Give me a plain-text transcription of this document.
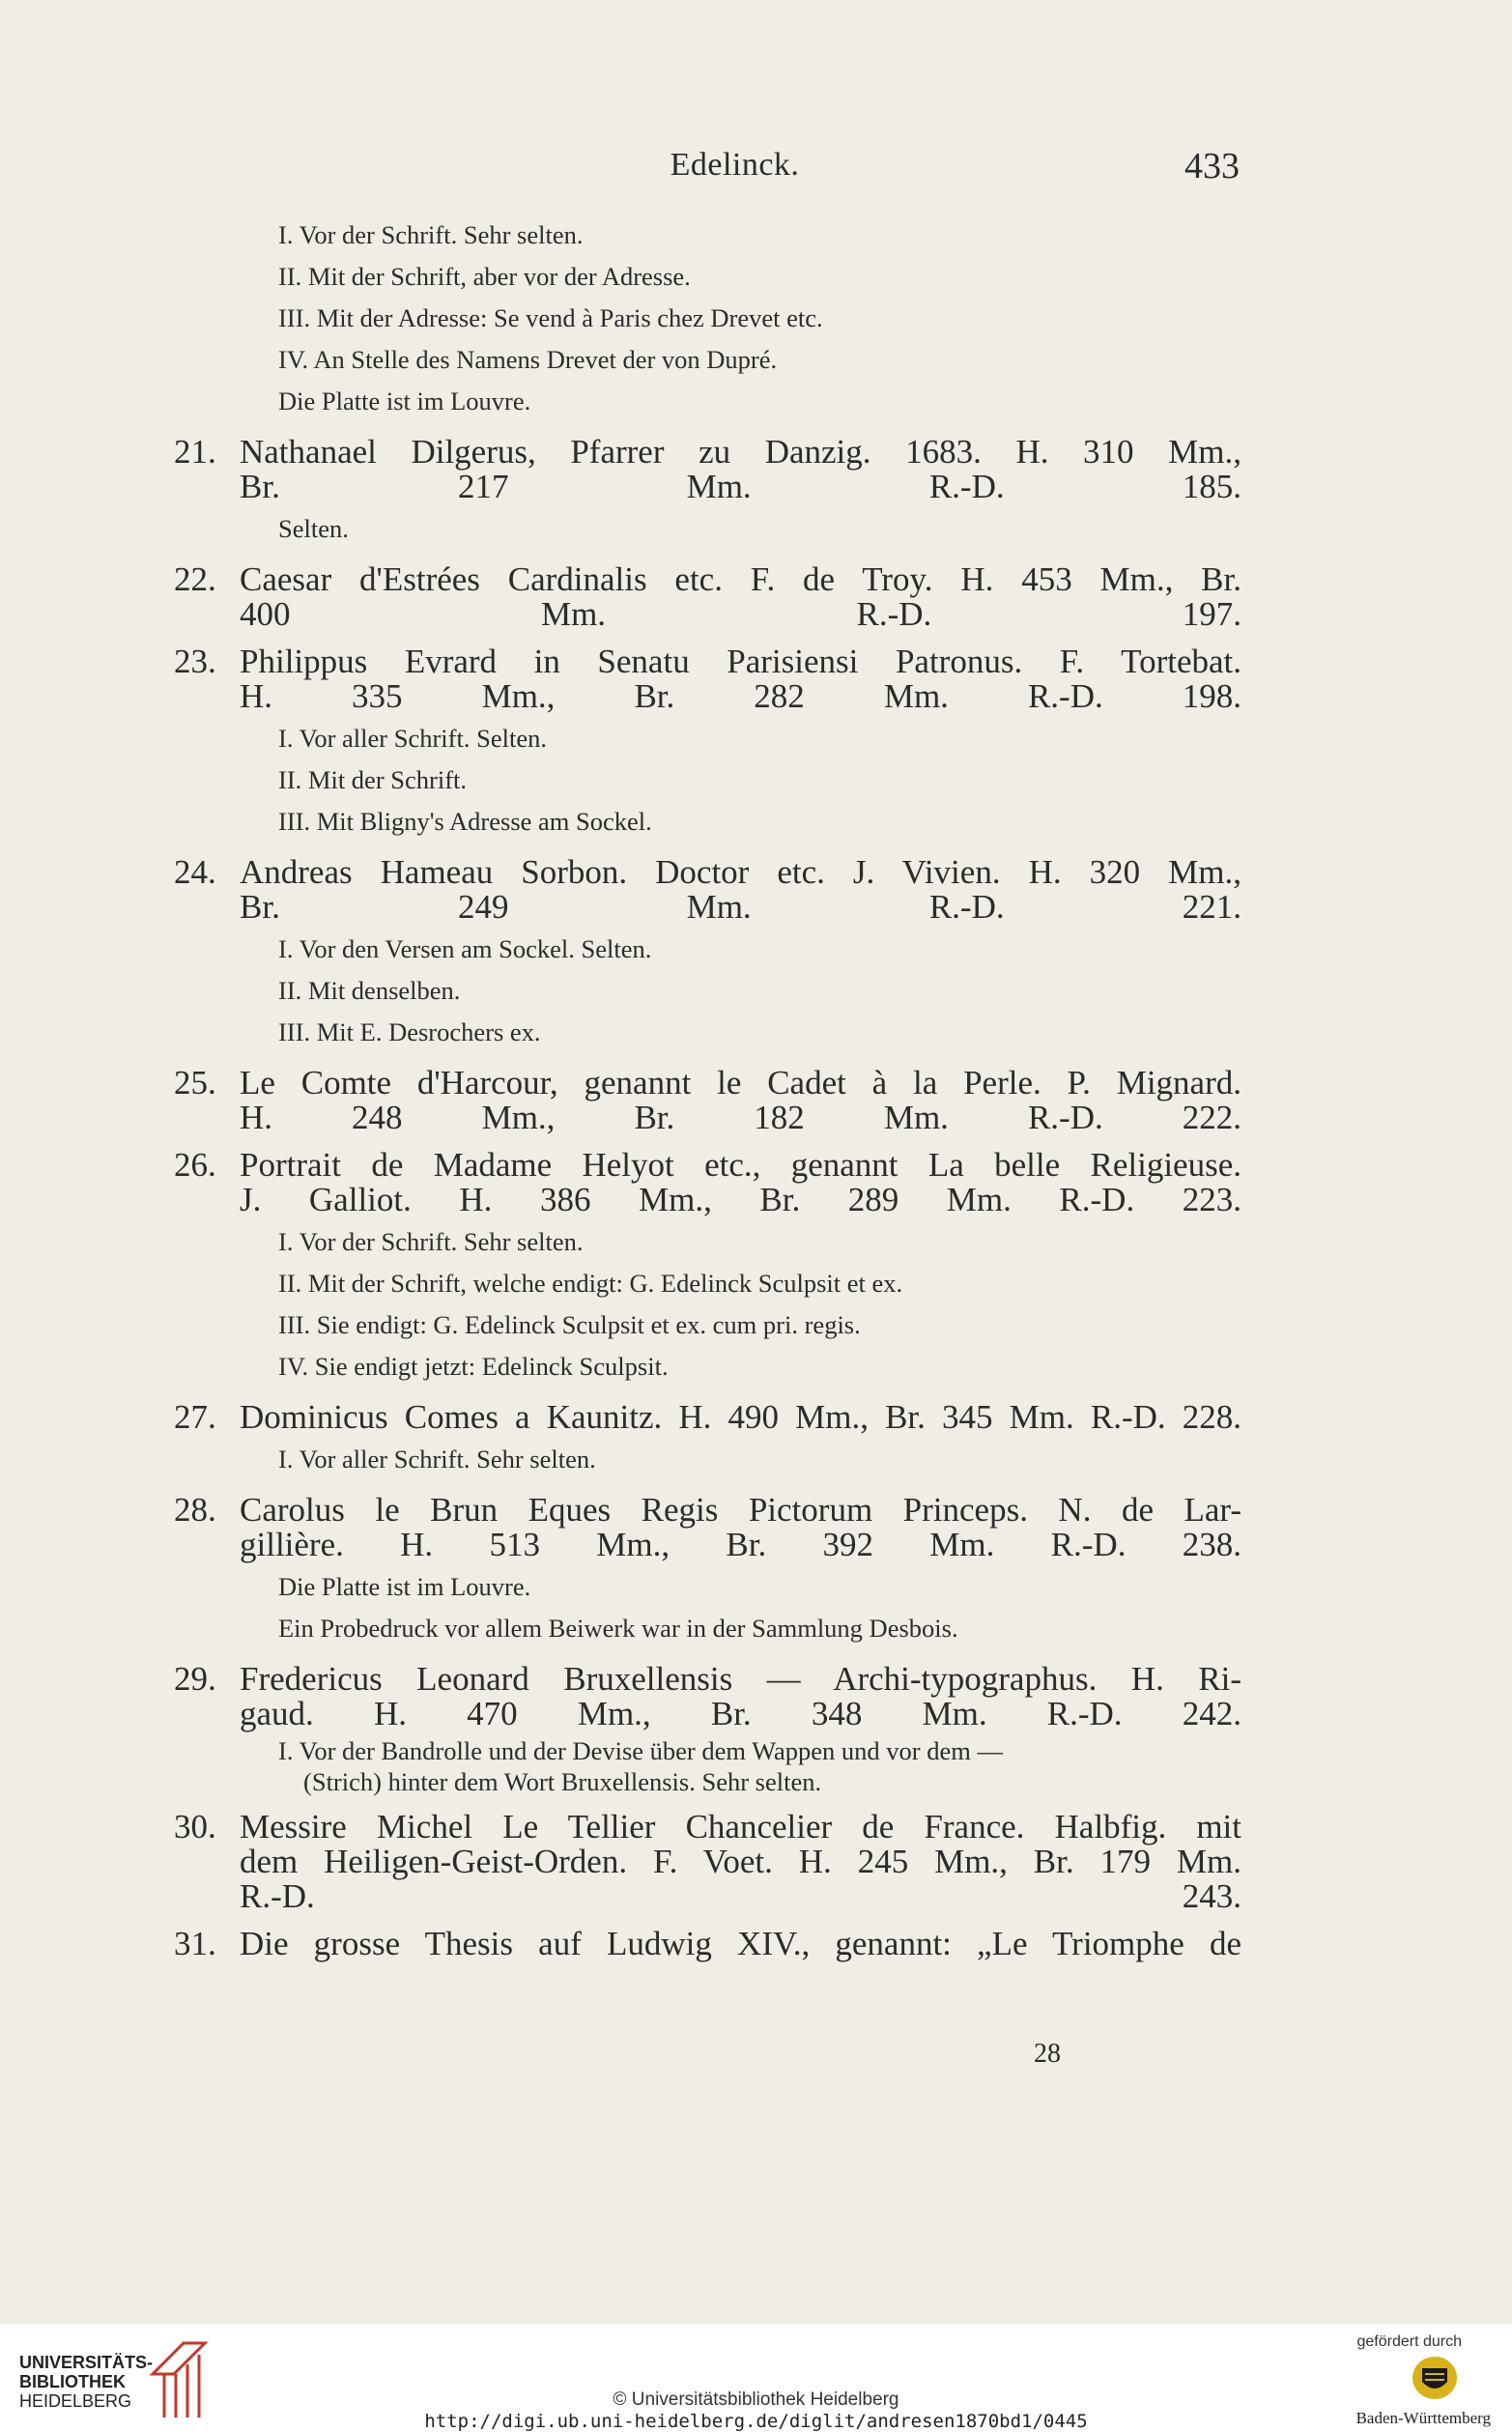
Edelinck.	433
I. Vor der Schrift. Sehr selten.
II. Mit der Schrift, aber vor der Adresse.
III. Mit der Adresse: Se vend à Paris chez Drevet etc.
IV. An Stelle des Namens Drevet der von Dupré.
Die Platte ist im Louvre.
21. Nathanael Dilgerus, Pfarrer zu Danzig. 1683. H. 310 Mm.,
Br. 217 Mm. R.-D. 185.
Selten.
22. Caesar d'Estrées Cardinalis etc. F. de Troy. H. 453 Mm., Br.
400 Mm. R.-D. 197.
23. Philippus Evrard in Senatu Parisiensi Patronus. F. Tortebat.
H. 335 Mm., Br. 282 Mm. R.-D. 198.
I. Vor aller Schrift. Selten.
II. Mit der Schrift.
III. Mit Bligny's Adresse am Sockel.
24. Andreas Hameau Sorbon. Doctor etc. J. Vivien. H. 320 Mm.,
Br. 249 Mm. R.-D. 221.
I. Vor den Versen am Sockel. Selten.
II. Mit denselben.
III. Mit E. Desrochers ex.
25. Le Comte d'Harcour, genannt le Cadet à la Perle. P. Mignard.
H. 248 Mm., Br. 182 Mm. R.-D. 222.
26. Portrait de Madame Helyot etc., genannt La belle Religieuse.
J. Galliot. H. 386 Mm., Br. 289 Mm. R.-D. 223.
I. Vor der Schrift. Sehr selten.
II. Mit der Schrift, welche endigt: G. Edelinck Sculpsit et ex.
III. Sie endigt: G. Edelinck Sculpsit et ex. cum pri. regis.
IV. Sie endigt jetzt: Edelinck Sculpsit.
27. Dominicus Comes a Kaunitz. H. 490 Mm., Br. 345 Mm. R.-D. 228.
I. Vor aller Schrift. Sehr selten.
28. Carolus le Brun Eques Regis Pictorum Princeps. N. de Lar-
gillière. H. 513 Mm., Br. 392 Mm. R.-D. 238.
Die Platte ist im Louvre.
Ein Probedruck vor allem Beiwerk war in der Sammlung Desbois.
29. Fredericus Leonard Bruxellensis — Archi-typographus. H. Ri-
gaud. H. 470 Mm., Br. 348 Mm. R.-D. 242.
I. Vor der Bandrolle und der Devise über dem Wappen und vor dem —
(Strich) hinter dem Wort Bruxellensis. Sehr selten.
30. Messire Michel Le Tellier Chancelier de France. Halbfig. mit
dem Heiligen-Geist-Orden. F. Voet. H. 245 Mm., Br. 179 Mm.
R.-D. 243.
31. Die grosse Thesis auf Ludwig XIV., genannt: „Le Triomphe de
28
UNIVERSITÄTS-
BIBLIOTHEK
HEIDELBERG	© Universitätsbibliothek Heidelberg
http://digi.ub.uni-heidelberg.de/diglit/andresen1870bd1/0445
gefördert durch
Baden-Württemberg
